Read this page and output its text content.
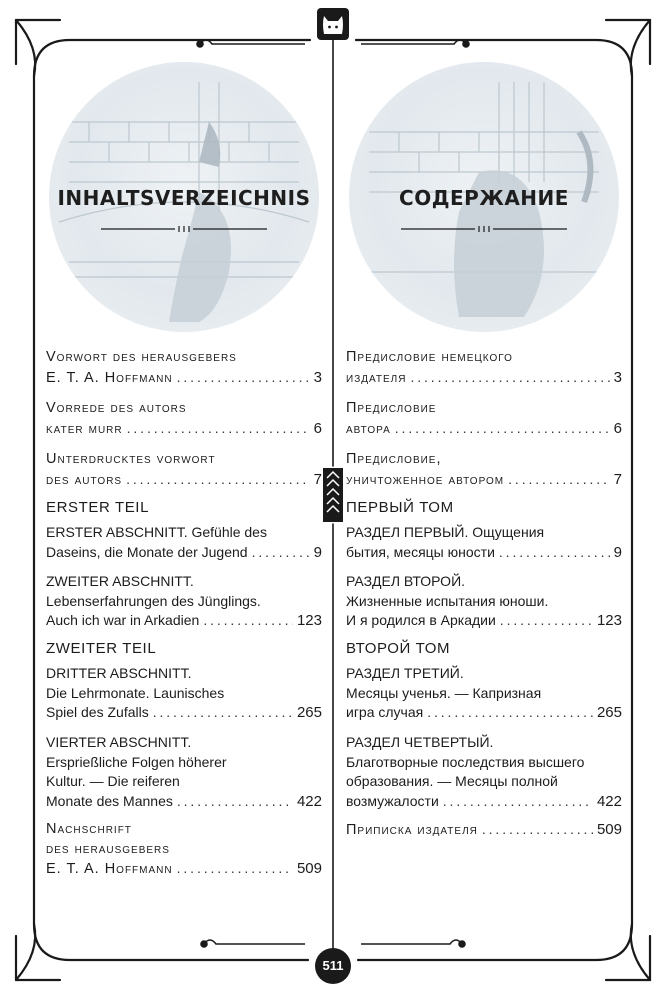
INHALTSVERZEICHNIS
Vorwort des herausgebers
E. T. A. Hoffmann . . .	3
Vorrede des autors
kater murr . . .	6
Unterdrucktes vorwort
des autors . . .	7
ERSTER TEIL
ERSTER ABSCHNITT. Gefühle des
Daseins, die Monate der Jugend . . .	9
ZWEITER ABSCHNITT.
Lebenserfahrungen des Jünglings.
Auch ich war in Arkadien . . .	123
ZWEITER TEIL
DRITTER ABSCHNITT.
Die Lehrmonate. Launisches
Spiel des Zufalls . . .	265
VIERTER ABSCHNITT.
Ersprießliche Folgen höherer
Kultur. — Die reiferen
Monate des Mannes . . .	422
Nachschrift
des herausgebers
E. T. A. Hoffmann . . .	509
СОДЕРЖАНИЕ
Предисловие немецкого
издателя . . .	3
Предисловие
автора . . .	6
Предисловие,
уничтоженное автором . . .	7
ПЕРВЫЙ ТОМ
РАЗДЕЛ ПЕРВЫЙ. Ощущения
бытия, месяцы юности . . .	9
РАЗДЕЛ ВТОРОЙ.
Жизненные испытания юноши.
И я родился в Аркадии . . .	123
ВТОРОЙ ТОМ
РАЗДЕЛ ТРЕТИЙ.
Месяцы ученья. — Капризная
игра случая . . .	265
РАЗДЕЛ ЧЕТВЕРТЫЙ.
Благотворные последствия высшего
образования. — Месяцы полной
возмужалости . . .	422
Приписка издателя . . .	509
511
